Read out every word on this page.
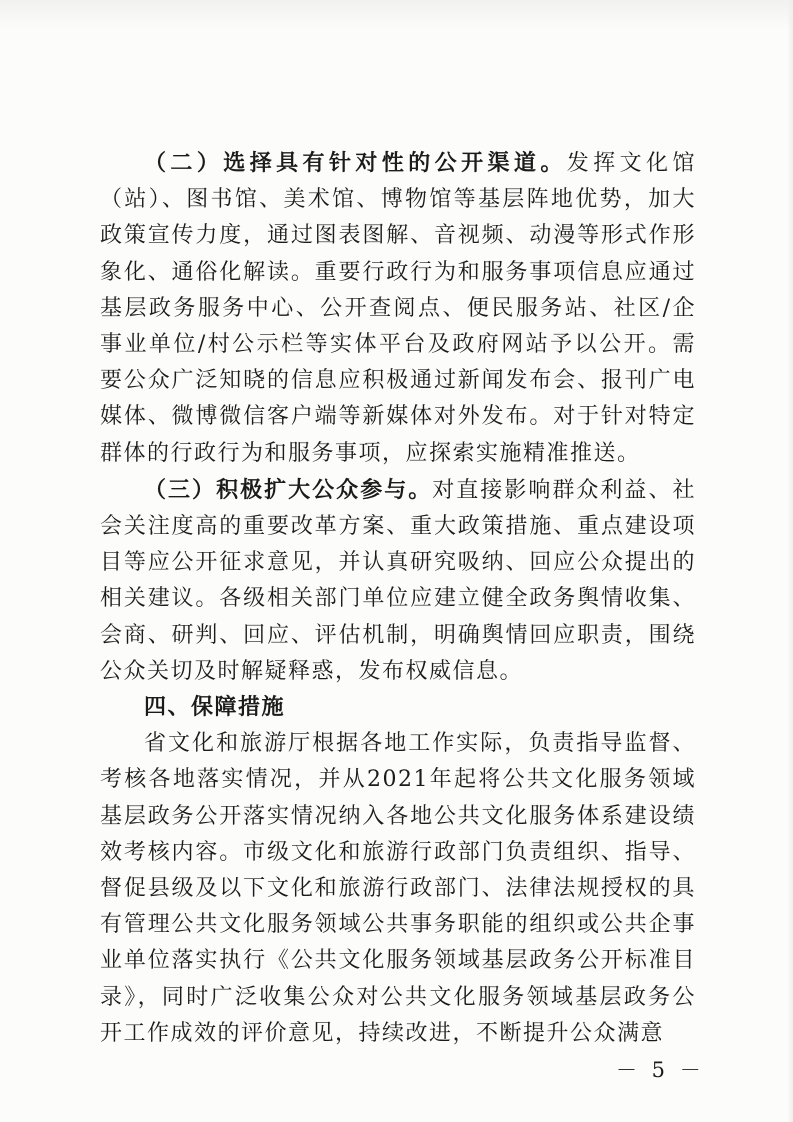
（二）选择具有针对性的公开渠道。发挥文化馆（站）、图书馆、美术馆、博物馆等基层阵地优势，加大政策宣传力度，通过图表图解、音视频、动漫等形式作形象化、通俗化解读。重要行政行为和服务事项信息应通过基层政务服务中心、公开查阅点、便民服务站、社区/企事业单位/村公示栏等实体平台及政府网站予以公开。需要公众广泛知晓的信息应积极通过新闻发布会、报刊广电媒体、微博微信客户端等新媒体对外发布。对于针对特定群体的行政行为和服务事项，应探索实施精准推送。

（三）积极扩大公众参与。对直接影响群众利益、社会关注度高的重要改革方案、重大政策措施、重点建设项目等应公开征求意见，并认真研究吸纳、回应公众提出的相关建议。各级相关部门单位应建立健全政务舆情收集、会商、研判、回应、评估机制，明确舆情回应职责，围绕公众关切及时解疑释惑，发布权威信息。

四、保障措施

省文化和旅游厅根据各地工作实际，负责指导监督、考核各地落实情况，并从2021年起将公共文化服务领域基层政务公开落实情况纳入各地公共文化服务体系建设绩效考核内容。市级文化和旅游行政部门负责组织、指导、督促县级及以下文化和旅游行政部门、法律法规授权的具有管理公共文化服务领域公共事务职能的组织或公共企事业单位落实执行《公共文化服务领域基层政务公开标准目录》，同时广泛收集公众对公共文化服务领域基层政务公开工作成效的评价意见，持续改进，不断提升公众满意

－ 5 －
